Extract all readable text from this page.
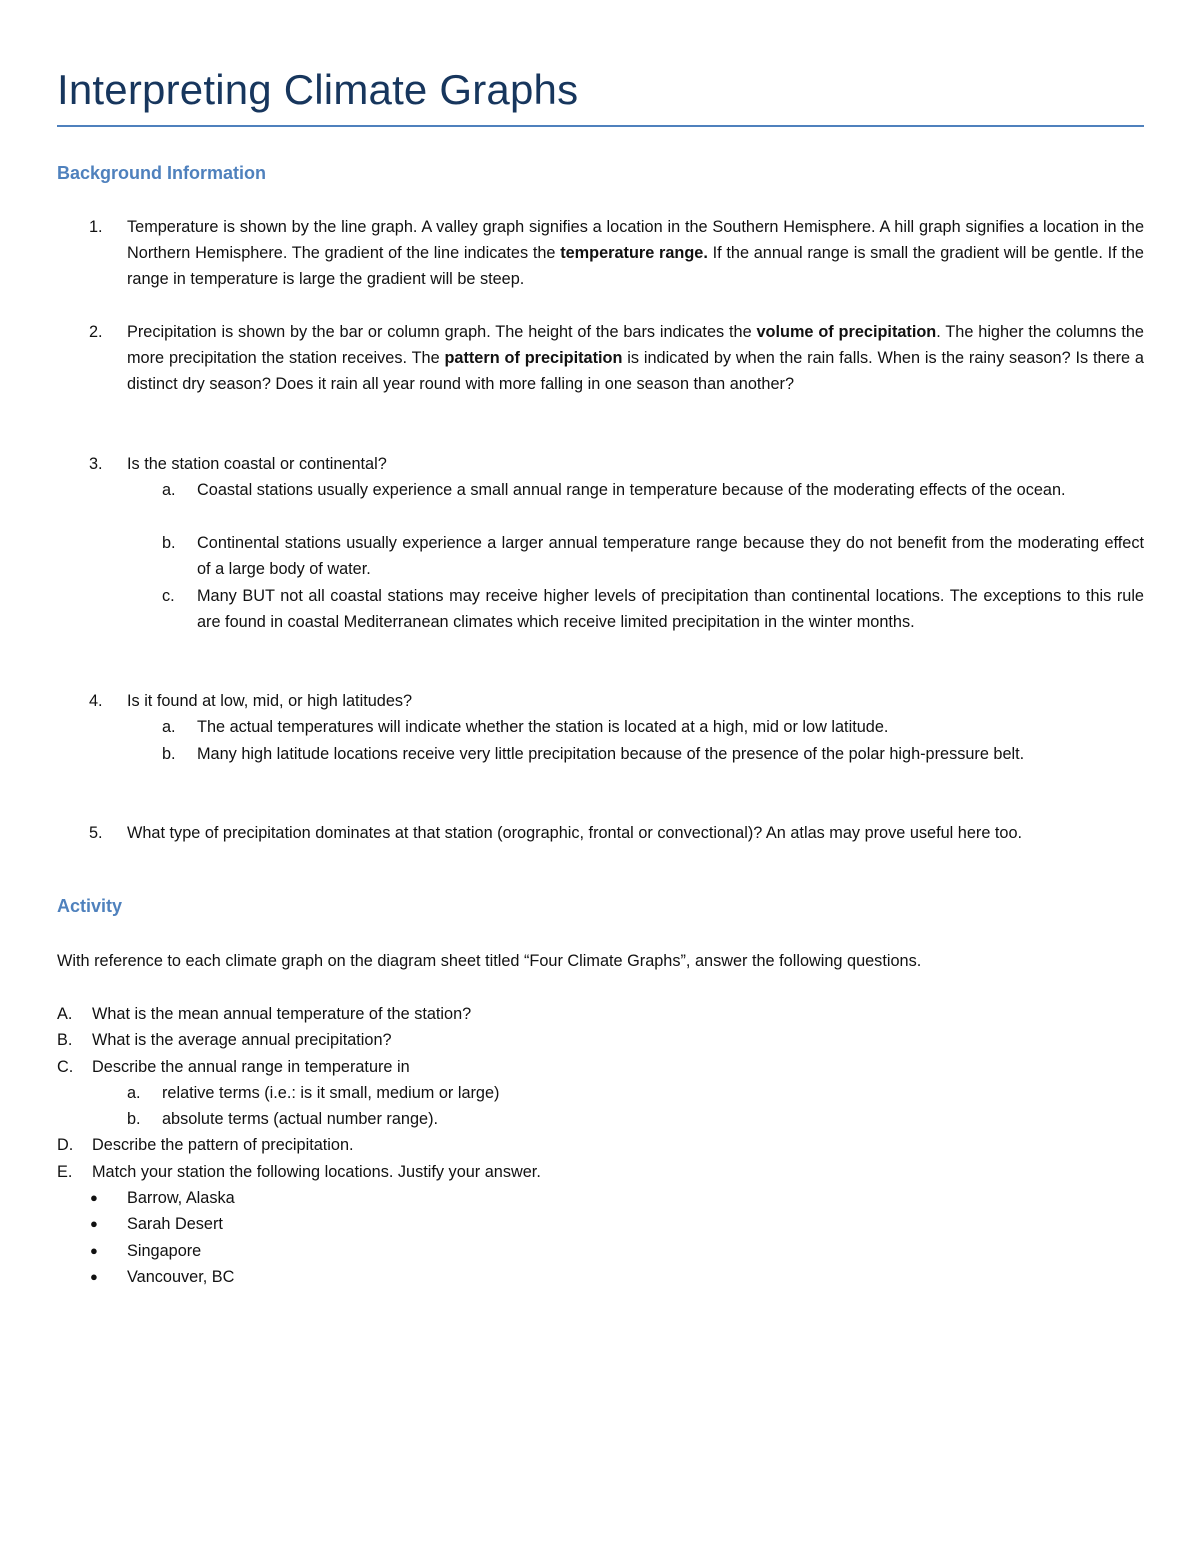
Interpreting Climate Graphs
Background Information
1.	Temperature is shown by the line graph. A valley graph signifies a location in the Southern Hemisphere. A hill graph signifies a location in the Northern Hemisphere. The gradient of the line indicates the temperature range. If the annual range is small the gradient will be gentle. If the range in temperature is large the gradient will be steep.
2.	Precipitation is shown by the bar or column graph. The height of the bars indicates the volume of precipitation. The higher the columns the more precipitation the station receives. The pattern of precipitation is indicated by when the rain falls. When is the rainy season? Is there a distinct dry season? Does it rain all year round with more falling in one season than another?
3.	Is the station coastal or continental?
a. Coastal stations usually experience a small annual range in temperature because of the moderating effects of the ocean.
b. Continental stations usually experience a larger annual temperature range because they do not benefit from the moderating effect of a large body of water.
c. Many BUT not all coastal stations may receive higher levels of precipitation than continental locations. The exceptions to this rule are found in coastal Mediterranean climates which receive limited precipitation in the winter months.
4.	Is it found at low, mid, or high latitudes?
a. The actual temperatures will indicate whether the station is located at a high, mid or low latitude.
b. Many high latitude locations receive very little precipitation because of the presence of the polar high-pressure belt.
5.	What type of precipitation dominates at that station (orographic, frontal or convectional)? An atlas may prove useful here too.
Activity
With reference to each climate graph on the diagram sheet titled “Four Climate Graphs”, answer the following questions.
A. What is the mean annual temperature of the station?
B. What is the average annual precipitation?
C. Describe the annual range in temperature in
a. relative terms (i.e.: is it small, medium or large)
b. absolute terms (actual number range).
D. Describe the pattern of precipitation.
E. Match your station the following locations. Justify your answer.
● Barrow, Alaska
● Sarah Desert
● Singapore
● Vancouver, BC
